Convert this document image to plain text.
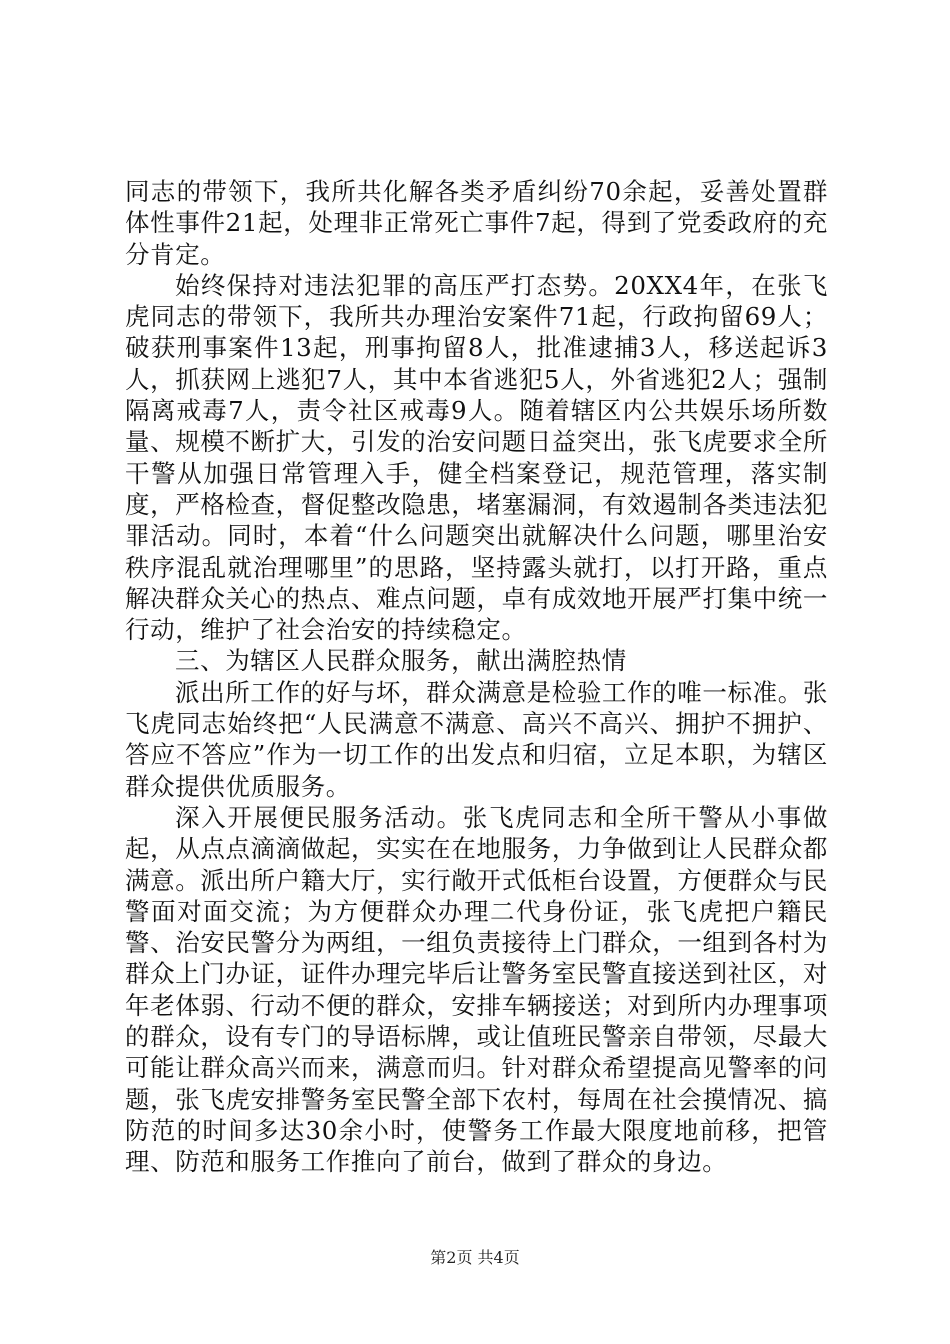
同志的带领下，我所共化解各类矛盾纠纷70余起，妥善处置群体性事件21起，处理非正常死亡事件7起，得到了党委政府的充分肯定。

始终保持对违法犯罪的高压严打态势。20XX4年，在张飞虎同志的带领下，我所共办理治安案件71起，行政拘留69人；破获刑事案件13起，刑事拘留8人，批准逮捕3人，移送起诉3人，抓获网上逃犯7人，其中本省逃犯5人，外省逃犯2人；强制隔离戒毒7人，责令社区戒毒9人。随着辖区内公共娱乐场所数量、规模不断扩大，引发的治安问题日益突出，张飞虎要求全所干警从加强日常管理入手，健全档案登记，规范管理，落实制度，严格检查，督促整改隐患，堵塞漏洞，有效遏制各类违法犯罪活动。同时，本着“什么问题突出就解决什么问题，哪里治安秩序混乱就治理哪里”的思路，坚持露头就打，以打开路，重点解决群众关心的热点、难点问题，卓有成效地开展严打集中统一行动，维护了社会治安的持续稳定。

三、为辖区人民群众服务，献出满腔热情

派出所工作的好与坏，群众满意是检验工作的唯一标准。张飞虎同志始终把“人民满意不满意、高兴不高兴、拥护不拥护、答应不答应”作为一切工作的出发点和归宿，立足本职，为辖区群众提供优质服务。

深入开展便民服务活动。张飞虎同志和全所干警从小事做起，从点点滴滴做起，实实在在地服务，力争做到让人民群众都满意。派出所户籍大厅，实行敞开式低柜台设置，方便群众与民警面对面交流；为方便群众办理二代身份证，张飞虎把户籍民警、治安民警分为两组，一组负责接待上门群众，一组到各村为群众上门办证，证件办理完毕后让警务室民警直接送到社区，对年老体弱、行动不便的群众，安排车辆接送；对到所内办理事项的群众，设有专门的导语标牌，或让值班民警亲自带领，尽最大可能让群众高兴而来，满意而归。针对群众希望提高见警率的问题，张飞虎安排警务室民警全部下农村，每周在社会摸情况、搞防范的时间多达30余小时，使警务工作最大限度地前移，把管理、防范和服务工作推向了前台，做到了群众的身边。

第2页 共4页
